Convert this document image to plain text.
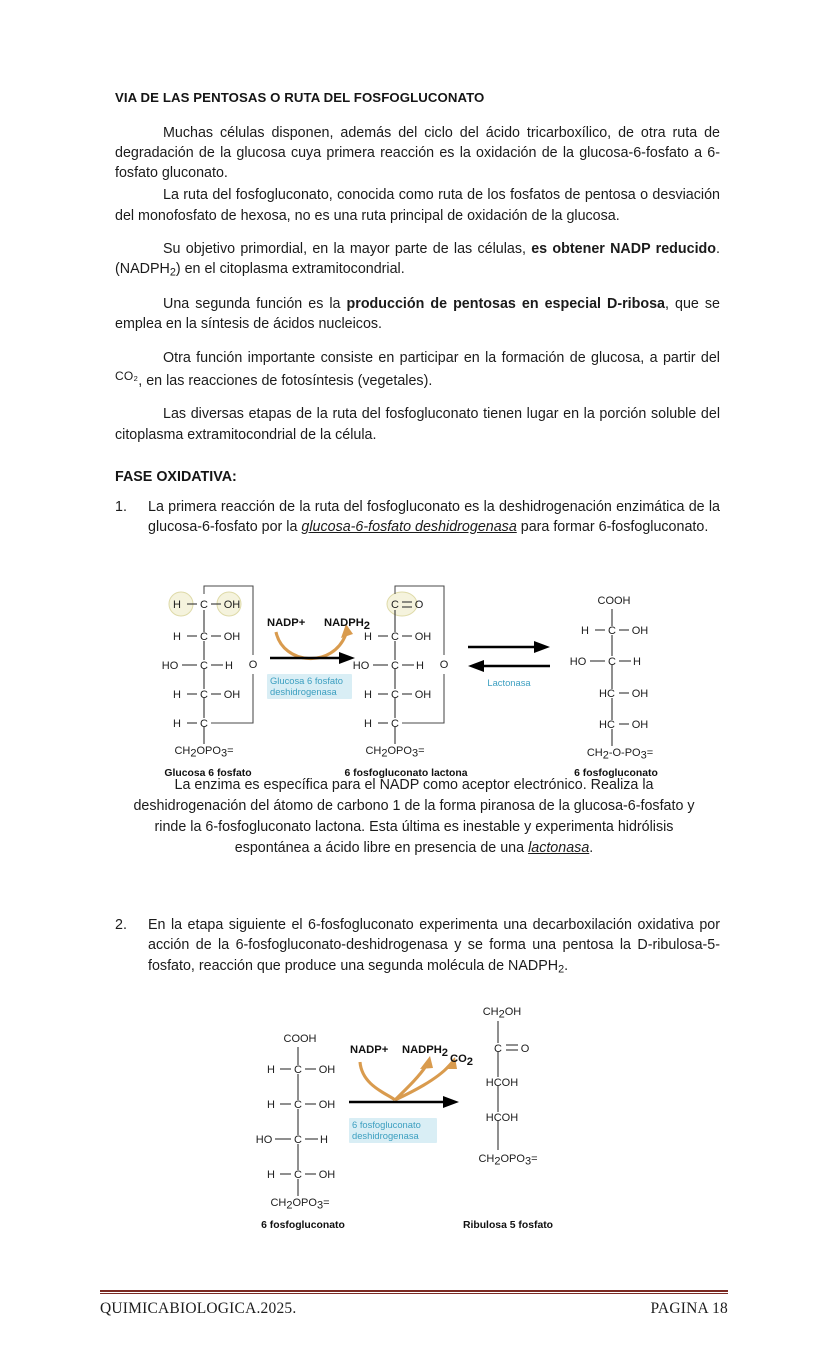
VIA DE LAS PENTOSAS O RUTA DEL FOSFOGLUCONATO

Muchas células disponen, además del ciclo del ácido tricarboxílico, de otra ruta de degradación de la glucosa cuya primera reacción es la oxidación de la glucosa-6-fosfato a 6-fosfato gluconato.

La ruta del fosfogluconato, conocida como ruta de los fosfatos de pentosa o desviación del monofosfato de hexosa, no es una ruta principal de oxidación de la glucosa.

Su objetivo primordial, en la mayor parte de las células, es obtener NADP reducido. $(NADPH_2)$ en el citoplasma extramitocondrial.

Una segunda función es la producción de pentosas en especial D-ribosa, que se emplea en la síntesis de ácidos nucleicos.

Otra función importante consiste en participar en la formación de glucosa, a partir del $^{CO_2}$, en las reacciones de fotosíntesis (vegetales).

Las diversas etapas de la ruta del fosfogluconato tienen lugar en la porción soluble del citoplasma extramitocondrial de la célula.

FASE OXIDATIVA:
1.	La primera reacción de la ruta del fosfogluconato es la deshidrogenación enzimática de la glucosa-6-fosfato por la glucosa-6-fosfato deshidrogenasa para formar 6-fosfogluconato.
H C OH
H C OH
HO C H
H C OH
H C
O
CH2OPO3=
Glucosa 6 fosfato
NADP+ NADPH2
Glucosa 6 fosfato
deshidrogenasa
C O
H C OH
HO C H
H C OH
H C
O
CH2OPO3=
6 fosfogluconato lactona
Lactonasa
COOH
H C OH
HO C H
HC OH
HC OH
CH2-O-PO3=
6 fosfogluconato

La enzima es específica para el NADP como aceptor electrónico. Realiza la deshidrogenación del átomo de carbono 1 de la forma piranosa de la glucosa-6-fosfato y rinde la 6-fosfogluconato lactona. Esta última es inestable y experimenta hidrólisis espontánea a ácido libre en presencia de una lactonasa.

2.	En la etapa siguiente el 6-fosfogluconato experimenta una decarboxilación oxidativa por acción de la 6-fosfogluconato-deshidrogenasa y se forma una pentosa la D-ribulosa-5-fosfato, reacción que produce una segunda molécula de $NADPH_2$.
COOH
H C OH
H C OH
HO C H
H C OH
CH2OPO3=
6 fosfogluconato
NADP+ NADPH2 CO2
6 fosfogluconato
deshidrogenasa
CH2OH
C O
HCOH
HCOH
CH2OPO3=
Ribulosa 5 fosfato
QUIMICABIOLOGICA.2025.	PAGINA 18
